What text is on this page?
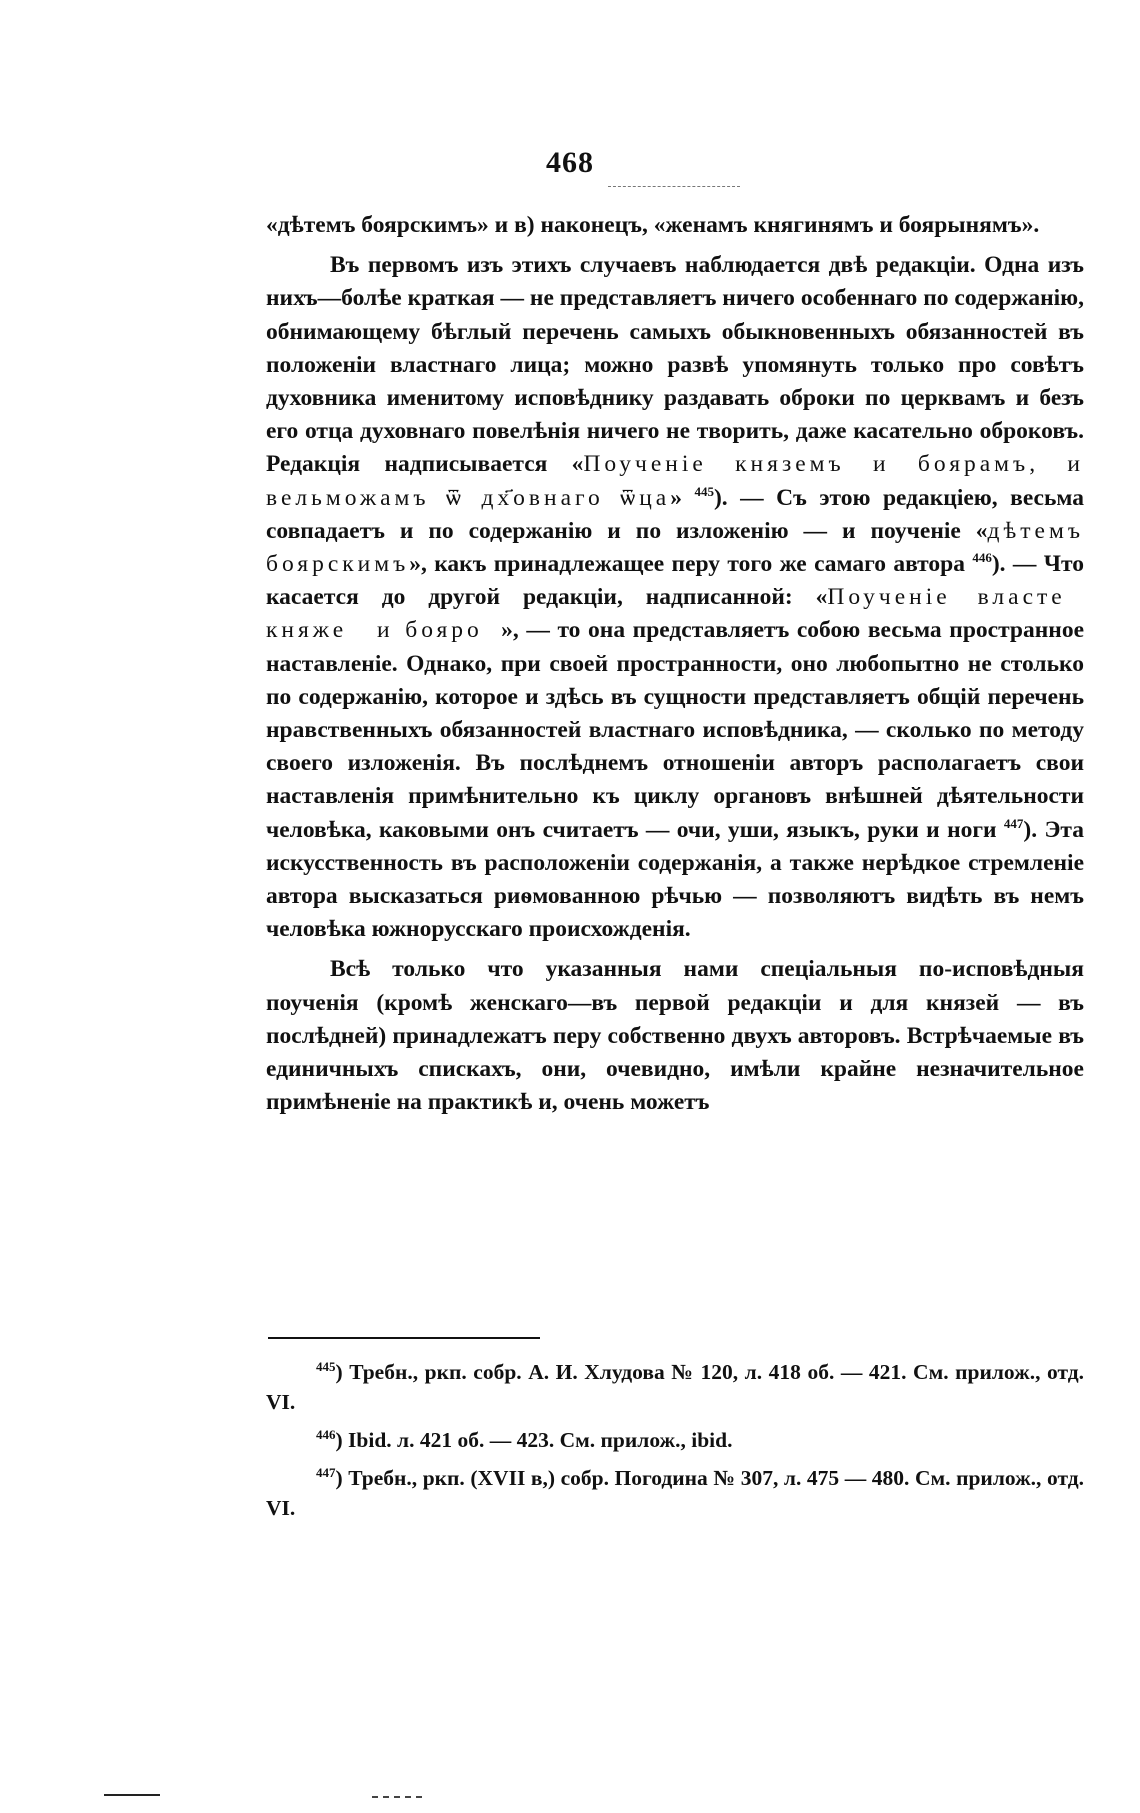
468

«дѣтемъ боярскимъ» и в) наконецъ, «женамъ княгинямъ и боярынямъ».

Въ первомъ изъ этихъ случаевъ наблюдается двѣ редакціи. Одна изъ нихъ—болѣе краткая — не представляетъ ничего особеннаго по содержанію, обнимающему бѣглый перечень самыхъ обыкновенныхъ обязанностей въ положеніи властнаго лица; можно развѣ упомянуть только про совѣтъ духовника именитому исповѣднику раздавать оброки по церквамъ и безъ его отца духовнаго повелѣнія ничего не творить, даже касательно оброковъ. Редакція надписывается «Поученіе княземъ и боярамъ, и вельможамъ ѿ дх҃овнаго ѿца» $^{445}$). — Съ этою редакціею, весьма совпадаетъ и по содержанію и по изложенію — и поученіе «дѣтемъ боярскимъ», какъ принадлежащее перу того же самаго автора $^{446}$). — Что касается до другой редакціи, надписанной: «Поученіе властеᷬ княжеᷬ и бояроᷬ», — то она представляетъ собою весьма пространное наставленіе. Однако, при своей пространности, оно любопытно не столько по содержанію, которое и здѣсь въ сущности представляетъ общій перечень нравственныхъ обязанностей властнаго исповѣдника, — сколько по методу своего изложенія. Въ послѣднемъ отношеніи авторъ располагаетъ свои наставленія примѣнительно къ циклу органовъ внѣшней дѣятельности человѣка, каковыми онъ считаетъ — очи, уши, языкъ, руки и ноги $^{447}$). Эта искусственность въ расположеніи содержанія, а также нерѣдкое стремленіе автора высказаться риѳмованною рѣчью — позволяютъ видѣть въ немъ человѣка южнорусскаго происхожденія.

Всѣ только что указанныя нами спеціальныя по-исповѣдныя поученія (кромѣ женскаго—въ первой редакціи и для князей — въ послѣдней) принадлежатъ перу собственно двухъ авторовъ. Встрѣчаемые въ единичныхъ спискахъ, они, очевидно, имѣли крайне незначительное примѣненіе на практикѣ и, очень можетъ

$^{445}$) Требн., ркп. собр. А. И. Хлудова № 120, л. 418 об. — 421. См. прилож., отд. VI.

$^{446}$) Ibid. л. 421 об. — 423. См. прилож., ibid.

$^{447}$) Требн., ркп. (XVII в,) собр. Погодина № 307, л. 475 — 480. См. прилож., отд. VI.
